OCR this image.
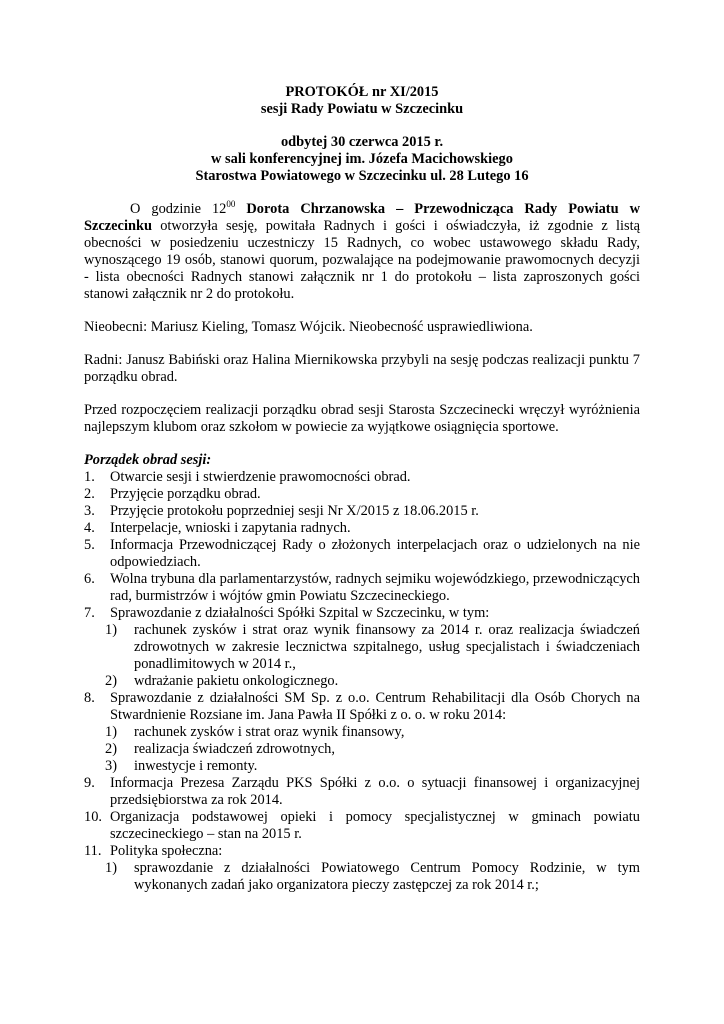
PROTOKÓŁ nr XI/2015

sesji Rady Powiatu w Szczecinku

odbytej 30 czerwca 2015 r.

w sali konferencyjnej im. Józefa Macichowskiego

Starostwa Powiatowego w Szczecinku ul. 28 Lutego 16

O godzinie $12^{00}$ Dorota Chrzanowska – Przewodnicząca Rady Powiatu w Szczecinku otworzyła sesję, powitała Radnych i gości i oświadczyła, iż zgodnie z listą obecności w posiedzeniu uczestniczy 15 Radnych, co wobec ustawowego składu Rady, wynoszącego 19 osób, stanowi quorum, pozwalające na podejmowanie prawomocnych decyzji - lista obecności Radnych stanowi załącznik nr 1 do protokołu – lista zaproszonych gości stanowi załącznik nr 2 do protokołu.

Nieobecni: Mariusz Kieling, Tomasz Wójcik. Nieobecność usprawiedliwiona.

Radni: Janusz Babiński oraz Halina Miernikowska przybyli na sesję podczas realizacji punktu 7 porządku obrad.

Przed rozpoczęciem realizacji porządku obrad sesji Starosta Szczecinecki wręczył wyróżnienia najlepszym klubom oraz szkołom w powiecie za wyjątkowe osiągnięcia sportowe.

Porządek obrad sesji:

1. Otwarcie sesji i stwierdzenie prawomocności obrad.
2. Przyjęcie porządku obrad.
3. Przyjęcie protokołu poprzedniej sesji Nr X/2015 z 18.06.2015 r.
4. Interpelacje, wnioski i zapytania radnych.
5. Informacja Przewodniczącej Rady o złożonych interpelacjach oraz o udzielonych na nie odpowiedziach.
6. Wolna trybuna dla parlamentarzystów, radnych sejmiku wojewódzkiego, przewodniczących rad, burmistrzów i wójtów gmin Powiatu Szczecineckiego.
7. Sprawozdanie z działalności Spółki Szpital w Szczecinku, w tym:
1) rachunek zysków i strat oraz wynik finansowy za 2014 r. oraz realizacja świadczeń zdrowotnych w zakresie lecznictwa szpitalnego, usług specjalistach i świadczeniach ponadlimitowych w 2014 r.,
2) wdrażanie pakietu onkologicznego.
8. Sprawozdanie z działalności SM Sp. z o.o. Centrum Rehabilitacji dla Osób Chorych na Stwardnienie Rozsiane im. Jana Pawła II Spółki z o. o. w roku 2014:
1) rachunek zysków i strat oraz wynik finansowy,
2) realizacja świadczeń zdrowotnych,
3) inwestycje i remonty.
9. Informacja Prezesa Zarządu PKS Spółki z o.o. o sytuacji finansowej i organizacyjnej przedsiębiorstwa za rok 2014.
10. Organizacja podstawowej opieki i pomocy specjalistycznej w gminach powiatu szczecineckiego – stan na 2015 r.
11. Polityka społeczna:
1) sprawozdanie z działalności Powiatowego Centrum Pomocy Rodzinie, w tym wykonanych zadań jako organizatora pieczy zastępczej za rok 2014 r.;
